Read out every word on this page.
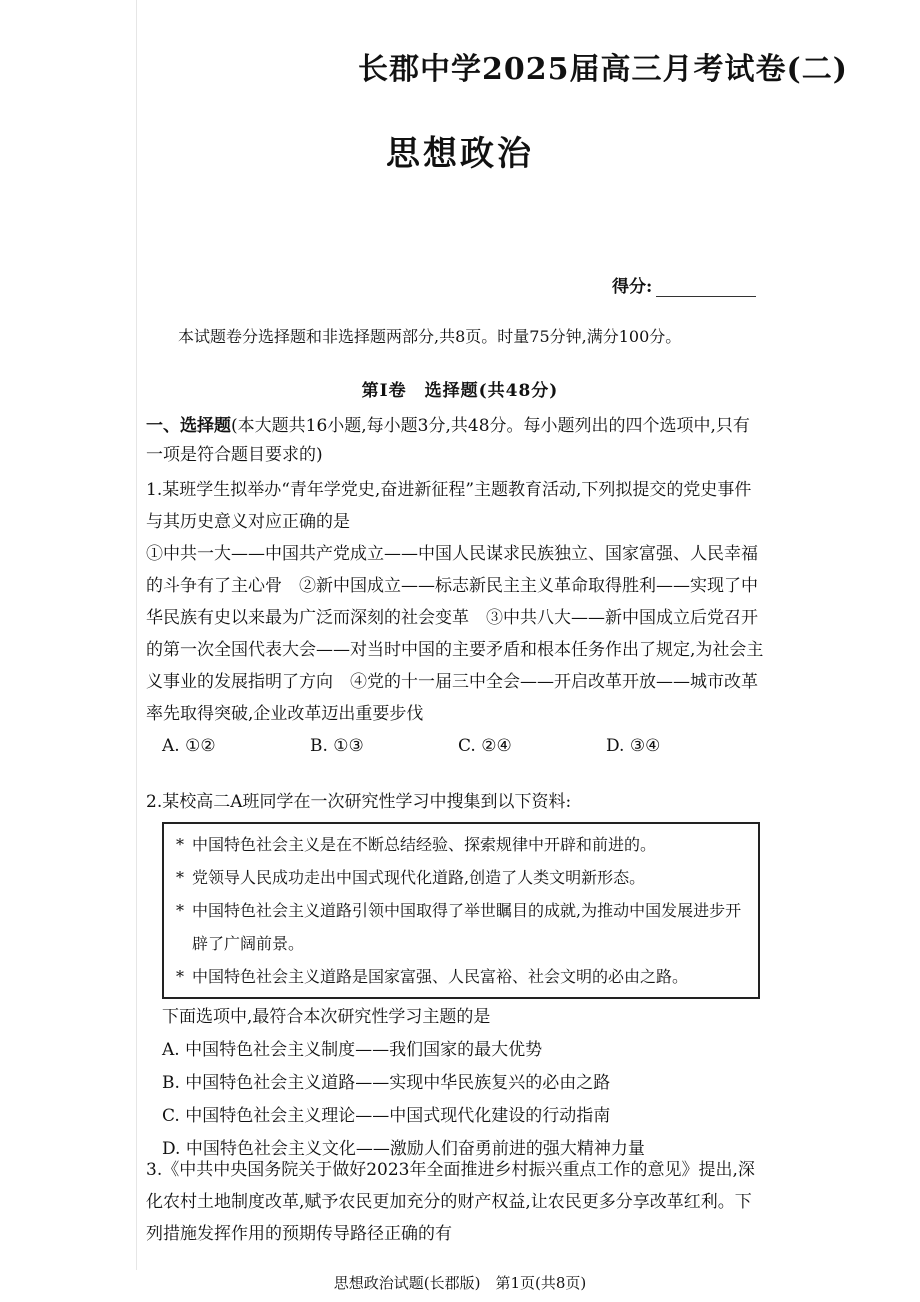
长郡中学2025届高三月考试卷(二)
思想政治
得分:
本试题卷分选择题和非选择题两部分,共8页。时量75分钟,满分100分。
第Ⅰ卷　选择题(共48分)
一、选择题(本大题共16小题,每小题3分,共48分。每小题列出的四个选项中,只有一项是符合题目要求的)
1.某班学生拟举办“青年学党史,奋进新征程”主题教育活动,下列拟提交的党史事件与其历史意义对应正确的是
①中共一大——中国共产党成立——中国人民谋求民族独立、国家富强、人民幸福的斗争有了主心骨　②新中国成立——标志新民主主义革命取得胜利——实现了中华民族有史以来最为广泛而深刻的社会变革　③中共八大——新中国成立后党召开的第一次全国代表大会——对当时中国的主要矛盾和根本任务作出了规定,为社会主义事业的发展指明了方向　④党的十一届三中全会——开启改革开放——城市改革率先取得突破,企业改革迈出重要步伐
A. ①②	B. ①③	C. ②④	D. ③④
2.某校高二A班同学在一次研究性学习中搜集到以下资料:
* 中国特色社会主义是在不断总结经验、探索规律中开辟和前进的。
* 党领导人民成功走出中国式现代化道路,创造了人类文明新形态。
* 中国特色社会主义道路引领中国取得了举世瞩目的成就,为推动中国发展进步开辟了广阔前景。
* 中国特色社会主义道路是国家富强、人民富裕、社会文明的必由之路。
下面选项中,最符合本次研究性学习主题的是
A. 中国特色社会主义制度——我们国家的最大优势
B. 中国特色社会主义道路——实现中华民族复兴的必由之路
C. 中国特色社会主义理论——中国式现代化建设的行动指南
D. 中国特色社会主义文化——激励人们奋勇前进的强大精神力量
3.《中共中央国务院关于做好2023年全面推进乡村振兴重点工作的意见》提出,深化农村土地制度改革,赋予农民更加充分的财产权益,让农民更多分享改革红利。下列措施发挥作用的预期传导路径正确的有
思想政治试题(长郡版)　第1页(共8页)
